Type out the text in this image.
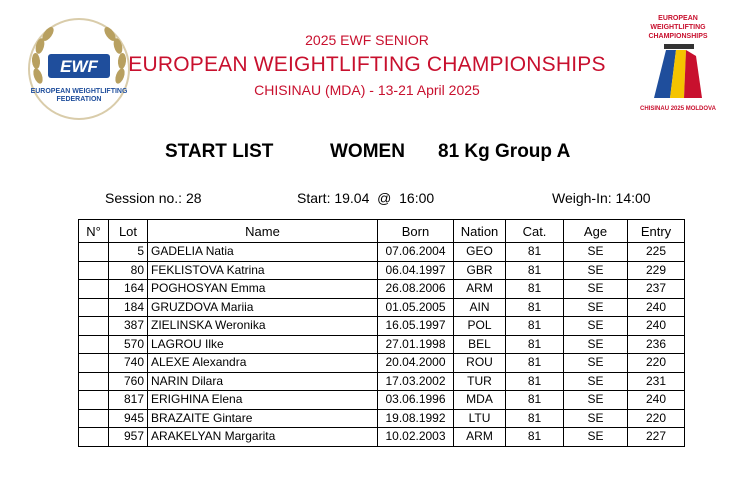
EWF
EUROPEAN WEIGHTLIFTING FEDERATION
2025 EWF SENIOR
EUROPEAN WEIGHTLIFTING CHAMPIONSHIPS
CHISINAU (MDA) - 13-21 April 2025
EUROPEAN WEIGHTLIFTING CHAMPIONSHIPS
CHISINAU 2025 MOLDOVA
START LIST	WOMEN 81 Kg Group A
Session no.: 28	Start: 19.04  @  16:00	Weigh-In: 14:00
N°	Lot	Name	Born	Nation	Cat.	Age	Entry
	5	GADELIA Natia	07.06.2004	GEO	81	SE	225
	80	FEKLISTOVA Katrina	06.04.1997	GBR	81	SE	229
	164	POGHOSYAN Emma	26.08.2006	ARM	81	SE	237
	184	GRUZDOVA Mariia	01.05.2005	AIN	81	SE	240
	387	ZIELINSKA Weronika	16.05.1997	POL	81	SE	240
	570	LAGROU Ilke	27.01.1998	BEL	81	SE	236
	740	ALEXE Alexandra	20.04.2000	ROU	81	SE	220
	760	NARIN Dilara	17.03.2002	TUR	81	SE	231
	817	ERIGHINA Elena	03.06.1996	MDA	81	SE	240
	945	BRAZAITE Gintare	19.08.1992	LTU	81	SE	220
	957	ARAKELYAN Margarita	10.02.2003	ARM	81	SE	227
